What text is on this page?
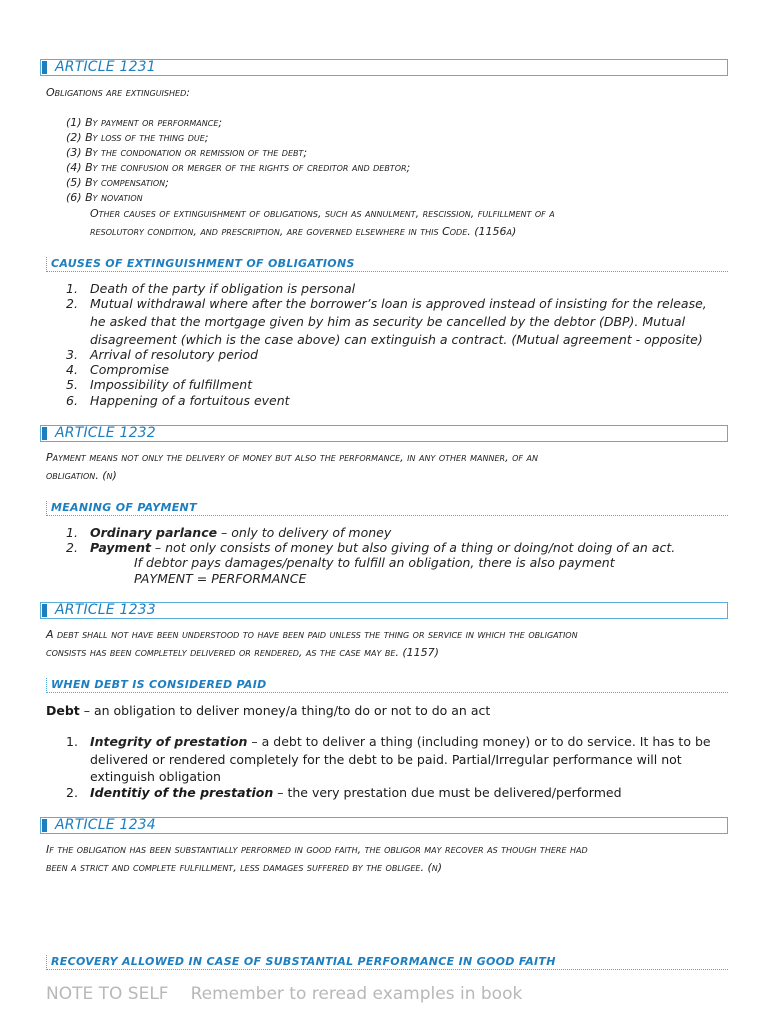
ARTICLE 1231
Obligations are extinguished:
(1) By payment or performance;
(2) By loss of the thing due;
(3) By the condonation or remission of the debt;
(4) By the confusion or merger of the rights of creditor and debtor;
(5) By compensation;
(6) By novation
Other causes of extinguishment of obligations, such as annulment, rescission, fulfillment of a
resolutory condition, and prescription, are governed elsewhere in this Code. (1156a)
CAUSES OF EXTINGUISHMENT OF OBLIGATIONS
1. Death of the party if obligation is personal
2. Mutual withdrawal where after the borrower’s loan is approved instead of insisting for the release,
he asked that the mortgage given by him as security be cancelled by the debtor (DBP). Mutual
disagreement (which is the case above) can extinguish a contract. (Mutual agreement - opposite)
3. Arrival of resolutory period
4. Compromise
5. Impossibility of fulfillment
6. Happening of a fortuitous event
ARTICLE 1232
Payment means not only the delivery of money but also the performance, in any other manner, of an
obligation. (n)
MEANING OF PAYMENT
1. Ordinary parlance – only to delivery of money
2. Payment – not only consists of money but also giving of a thing or doing/not doing of an act.
If debtor pays damages/penalty to fulfill an obligation, there is also payment
PAYMENT = PERFORMANCE
ARTICLE 1233
A debt shall not have been understood to have been paid unless the thing or service in which the obligation
consists has been completely delivered or rendered, as the case may be. (1157)
WHEN DEBT IS CONSIDERED PAID
Debt – an obligation to deliver money/a thing/to do or not to do an act
1. Integrity of prestation – a debt to deliver a thing (including money) or to do service. It has to be
delivered or rendered completely for the debt to be paid. Partial/Irregular performance will not
extinguish obligation
2. Identitiy of the prestation – the very prestation due must be delivered/performed
ARTICLE 1234
If the obligation has been substantially performed in good faith, the obligor may recover as though there had
been a strict and complete fulfillment, less damages suffered by the obligee. (n)
RECOVERY ALLOWED IN CASE OF SUBSTANTIAL PERFORMANCE IN GOOD FAITH
NOTE TO SELF Remember to reread examples in book
